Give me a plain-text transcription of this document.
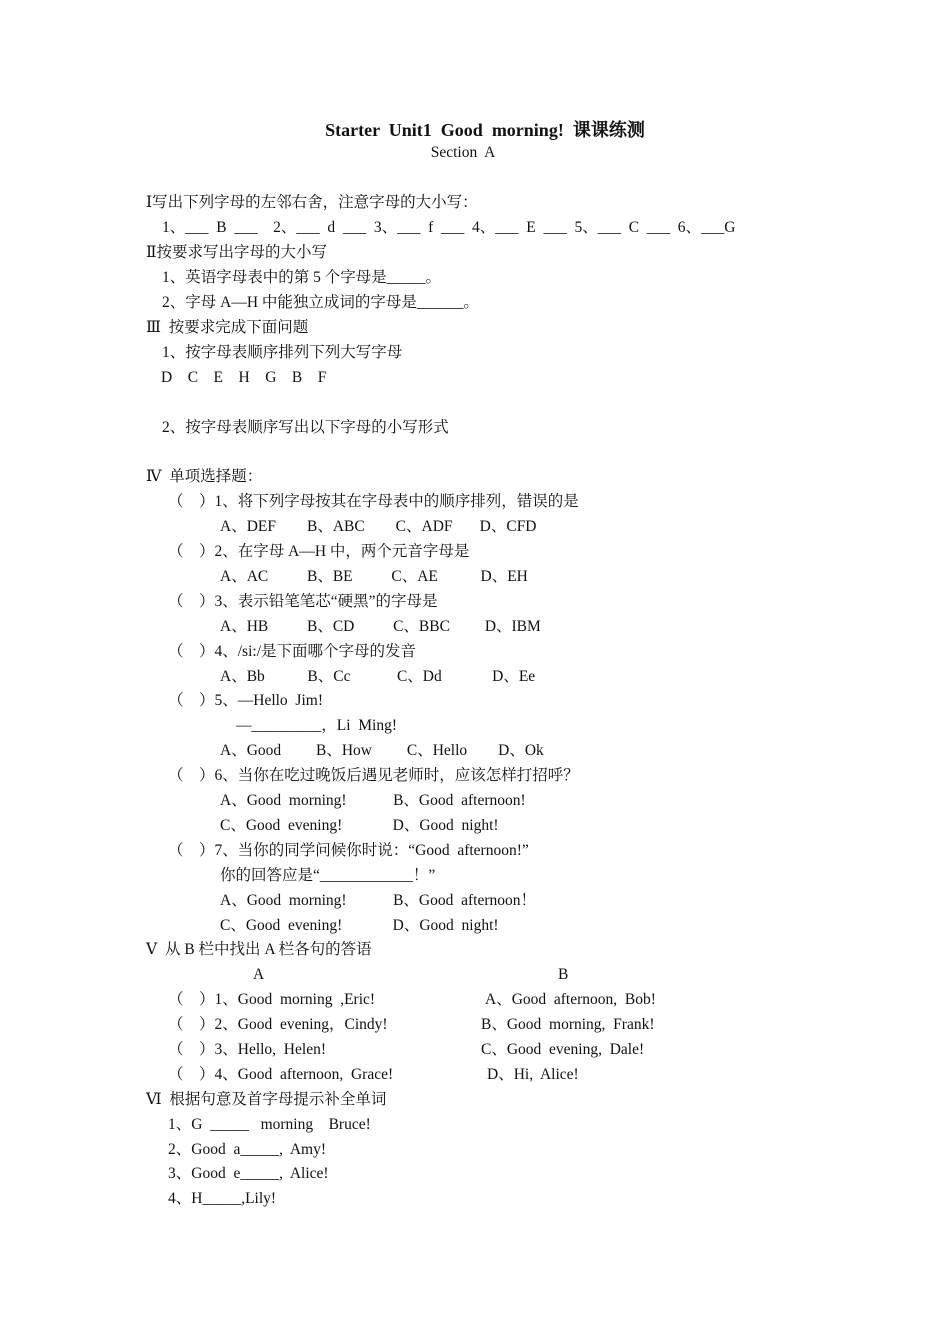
Starter  Unit1  Good  morning!  课课练测
Section  A
Ⅰ写出下列字母的左邻右舍，注意字母的大小写：
1、___  B  ___    2、___  d  ___  3、___  f  ___  4、___  E  ___  5、___  C  ___  6、___G
Ⅱ按要求写出字母的大小写
1、英语字母表中的第 5 个字母是_____。
2、字母 A—H 中能独立成词的字母是______。
Ⅲ  按要求完成下面问题
1、按字母表顺序排列下列大写字母
D    C    E    H    G    B    F
2、按字母表顺序写出以下字母的小写形式
Ⅳ  单项选择题：
（    ）1、将下列字母按其在字母表中的顺序排列，错误的是
A、DEF        B、ABC        C、ADF       D、CFD
（    ）2、在字母 A—H 中，两个元音字母是
A、AC          B、BE          C、AE           D、EH
（    ）3、表示铅笔笔芯“硬黑”的字母是
A、HB          B、CD          C、BBC         D、IBM
（    ）4、/si:/是下面哪个字母的发音
A、Bb           B、Cc            C、Dd             D、Ee
（    ）5、—Hello  Jim!
—_________，Li  Ming!
A、Good         B、How         C、Hello        D、Ok
（    ）6、当你在吃过晚饭后遇见老师时，应该怎样打招呼？
A、Good  morning!            B、Good  afternoon!
C、Good  evening!             D、Good  night!
（    ）7、当你的同学问候你时说：“Good  afternoon!”
你的回答应是“____________！”
A、Good  morning!            B、Good  afternoon！
C、Good  evening!             D、Good  night!
Ⅴ  从 B 栏中找出 A 栏各句的答语
A	B
（    ）1、Good  morning  ,Eric!	A、Good  afternoon,  Bob!
（    ）2、Good  evening，Cindy!	B、Good  morning,  Frank!
（    ）3、Hello,  Helen!	C、Good  evening,  Dale!
（    ）4、Good  afternoon,  Grace!	D、Hi,  Alice!
Ⅵ  根据句意及首字母提示补全单词
1、G  _____   morning    Bruce!
2、Good  a_____,  Amy!
3、Good  e_____,  Alice!
4、H_____,Lily!
